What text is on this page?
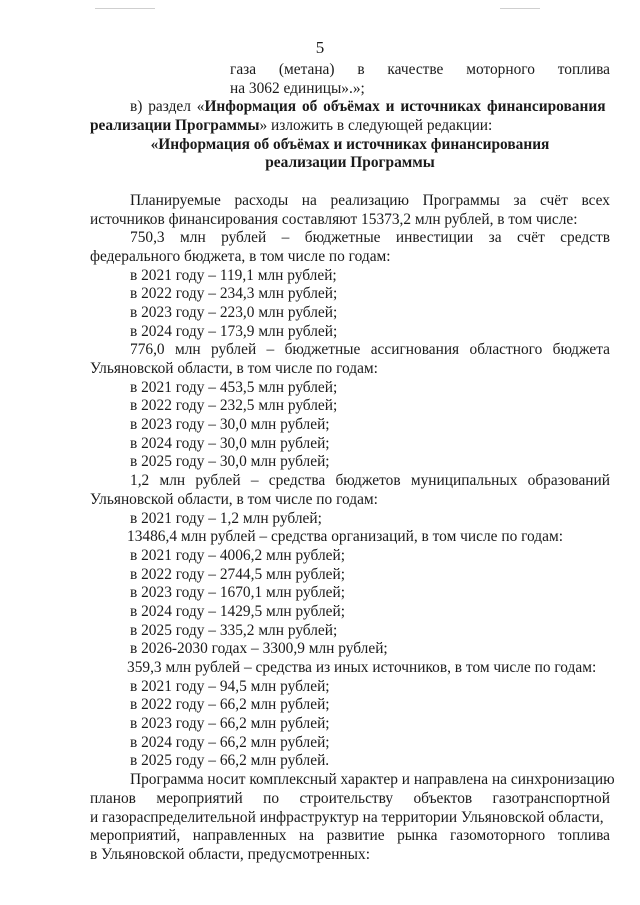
5
газа (метана) в качестве моторного топлива
на 3062 единицы».»;
в) раздел «Информация об объёмах и источниках финансирования
реализации Программы» изложить в следующей редакции:
«Информация об объёмах и источниках финансирования
реализации Программы
Планируемые расходы на реализацию Программы за счёт всех
источников финансирования составляют 15373,2 млн рублей, в том числе:
750,3 млн рублей – бюджетные инвестиции за счёт средств
федерального бюджета, в том числе по годам:
в 2021 году – 119,1 млн рублей;
в 2022 году – 234,3 млн рублей;
в 2023 году – 223,0 млн рублей;
в 2024 году – 173,9 млн рублей;
776,0 млн рублей – бюджетные ассигнования областного бюджета
Ульяновской области, в том числе по годам:
в 2021 году – 453,5 млн рублей;
в 2022 году – 232,5 млн рублей;
в 2023 году – 30,0 млн рублей;
в 2024 году – 30,0 млн рублей;
в 2025 году – 30,0 млн рублей;
1,2 млн рублей – средства бюджетов муниципальных образований
Ульяновской области, в том числе по годам:
в 2021 году – 1,2 млн рублей;
13486,4 млн рублей – средства организаций, в том числе по годам:
в 2021 году – 4006,2 млн рублей;
в 2022 году – 2744,5 млн рублей;
в 2023 году – 1670,1 млн рублей;
в 2024 году – 1429,5 млн рублей;
в 2025 году – 335,2 млн рублей;
в 2026-2030 годах – 3300,9 млн рублей;
359,3 млн рублей – средства из иных источников, в том числе по годам:
в 2021 году – 94,5 млн рублей;
в 2022 году – 66,2 млн рублей;
в 2023 году – 66,2 млн рублей;
в 2024 году – 66,2 млн рублей;
в 2025 году – 66,2 млн рублей.
Программа носит комплексный характер и направлена на синхронизацию
планов мероприятий по строительству объектов газотранспортной
и газораспределительной инфраструктур на территории Ульяновской области,
мероприятий, направленных на развитие рынка газомоторного топлива
в Ульяновской области, предусмотренных:
